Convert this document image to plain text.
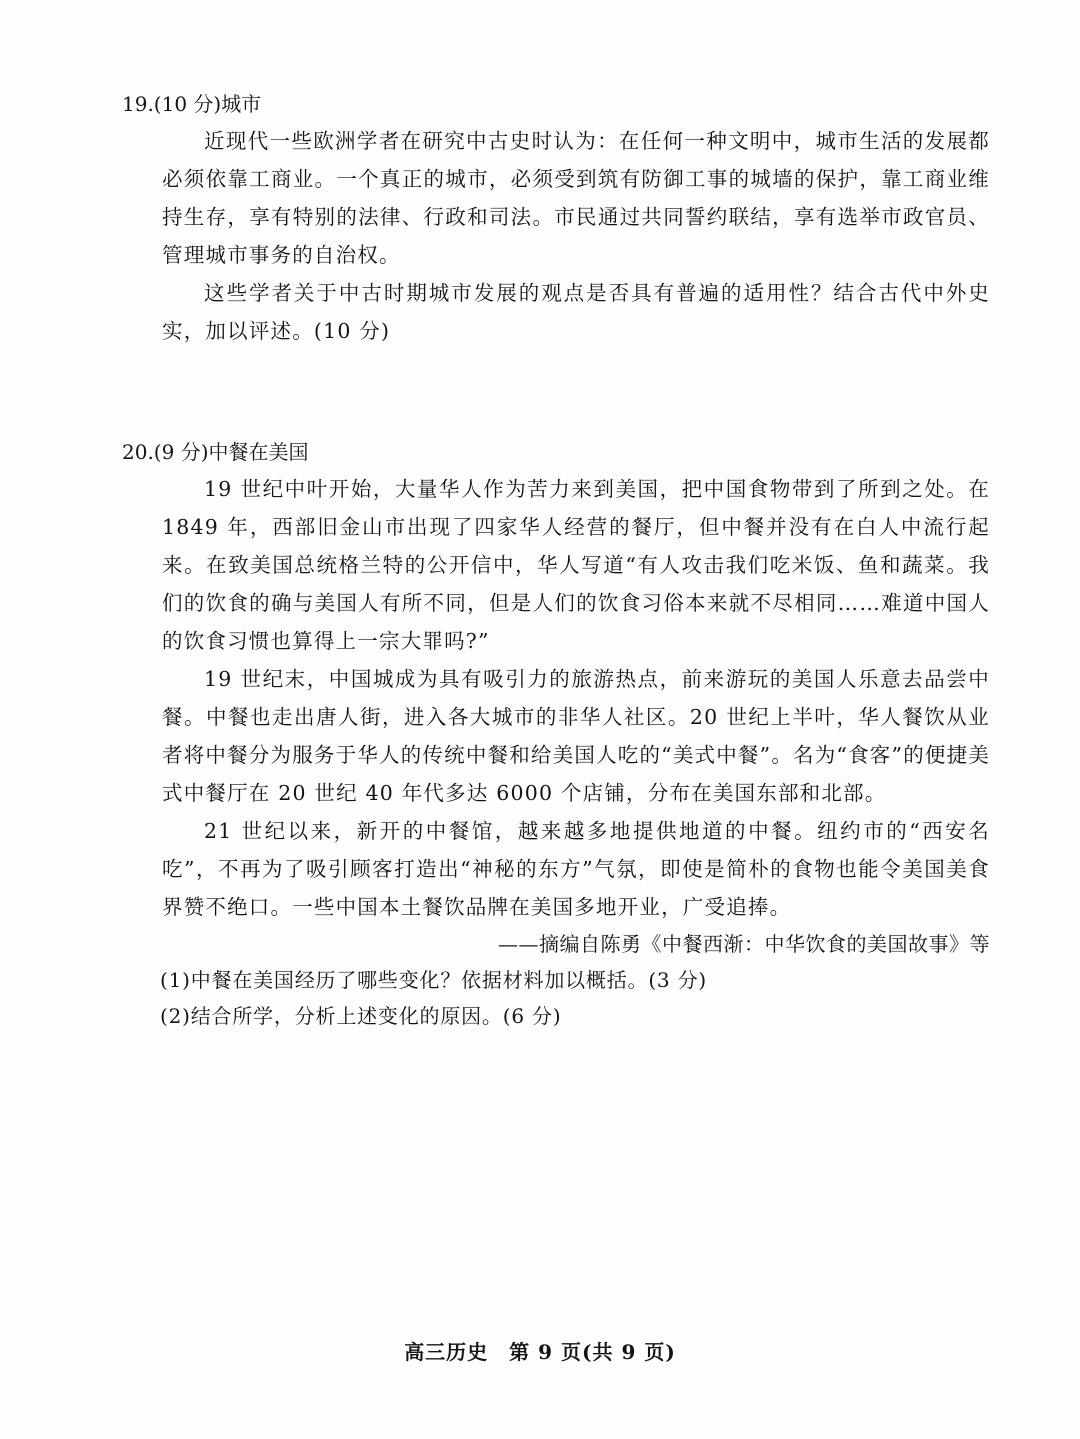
19.(10 分)城市

近现代一些欧洲学者在研究中古史时认为：在任何一种文明中，城市生活的发展都必须依靠工商业。一个真正的城市，必须受到筑有防御工事的城墙的保护，靠工商业维持生存，享有特别的法律、行政和司法。市民通过共同誓约联结，享有选举市政官员、管理城市事务的自治权。

这些学者关于中古时期城市发展的观点是否具有普遍的适用性？结合古代中外史实，加以评述。(10 分)

20.(9 分)中餐在美国

19 世纪中叶开始，大量华人作为苦力来到美国，把中国食物带到了所到之处。在 1849 年，西部旧金山市出现了四家华人经营的餐厅，但中餐并没有在白人中流行起来。在致美国总统格兰特的公开信中，华人写道“有人攻击我们吃米饭、鱼和蔬菜。我们的饮食的确与美国人有所不同，但是人们的饮食习俗本来就不尽相同……难道中国人的饮食习惯也算得上一宗大罪吗?”

19 世纪末，中国城成为具有吸引力的旅游热点，前来游玩的美国人乐意去品尝中餐。中餐也走出唐人街，进入各大城市的非华人社区。20 世纪上半叶，华人餐饮从业者将中餐分为服务于华人的传统中餐和给美国人吃的“美式中餐”。名为“食客”的便捷美式中餐厅在 20 世纪 40 年代多达 6000 个店铺，分布在美国东部和北部。

21 世纪以来，新开的中餐馆，越来越多地提供地道的中餐。纽约市的“西安名吃”，不再为了吸引顾客打造出“神秘的东方”气氛，即使是简朴的食物也能令美国美食界赞不绝口。一些中国本土餐饮品牌在美国多地开业，广受追捧。

——摘编自陈勇《中餐西渐：中华饮食的美国故事》等

(1)中餐在美国经历了哪些变化？依据材料加以概括。(3 分)

(2)结合所学，分析上述变化的原因。(6 分)

高三历史　第 9 页(共 9 页)
